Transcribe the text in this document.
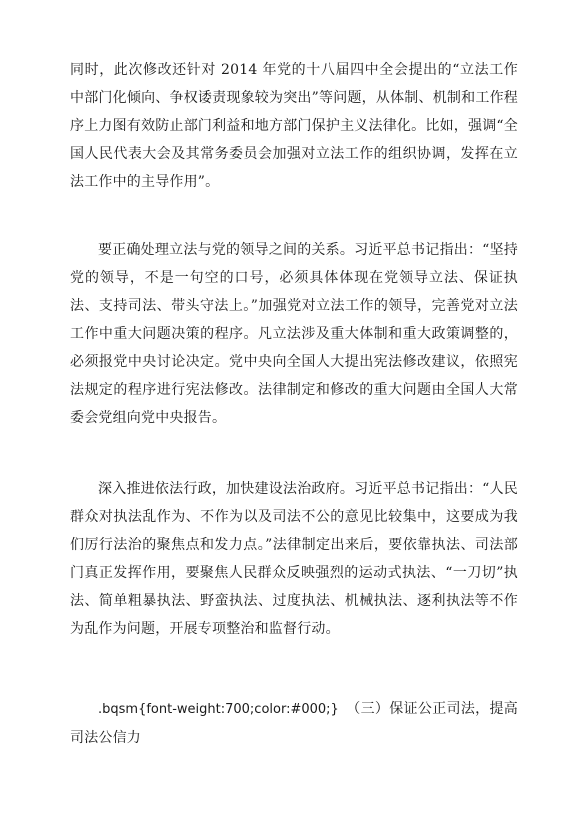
同时，此次修改还针对 2014 年党的十八届四中全会提出的“立法工作中部门化倾向、争权诿责现象较为突出”等问题，从体制、机制和工作程序上力图有效防止部门利益和地方部门保护主义法律化。比如，强调“全国人民代表大会及其常务委员会加强对立法工作的组织协调，发挥在立法工作中的主导作用”。

要正确处理立法与党的领导之间的关系。习近平总书记指出：“坚持党的领导，不是一句空的口号，必须具体体现在党领导立法、保证执法、支持司法、带头守法上。”加强党对立法工作的领导，完善党对立法工作中重大问题决策的程序。凡立法涉及重大体制和重大政策调整的，必须报党中央讨论决定。党中央向全国人大提出宪法修改建议，依照宪法规定的程序进行宪法修改。法律制定和修改的重大问题由全国人大常委会党组向党中央报告。

深入推进依法行政，加快建设法治政府。习近平总书记指出：“人民群众对执法乱作为、不作为以及司法不公的意见比较集中，这要成为我们厉行法治的聚焦点和发力点。”法律制定出来后，要依靠执法、司法部门真正发挥作用，要聚焦人民群众反映强烈的运动式执法、“一刀切”执法、简单粗暴执法、野蛮执法、过度执法、机械执法、逐利执法等不作为乱作为问题，开展专项整治和监督行动。

.bqsm{font-weight:700;color:#000;}　 （三）保证公正司法，提高司法公信力
